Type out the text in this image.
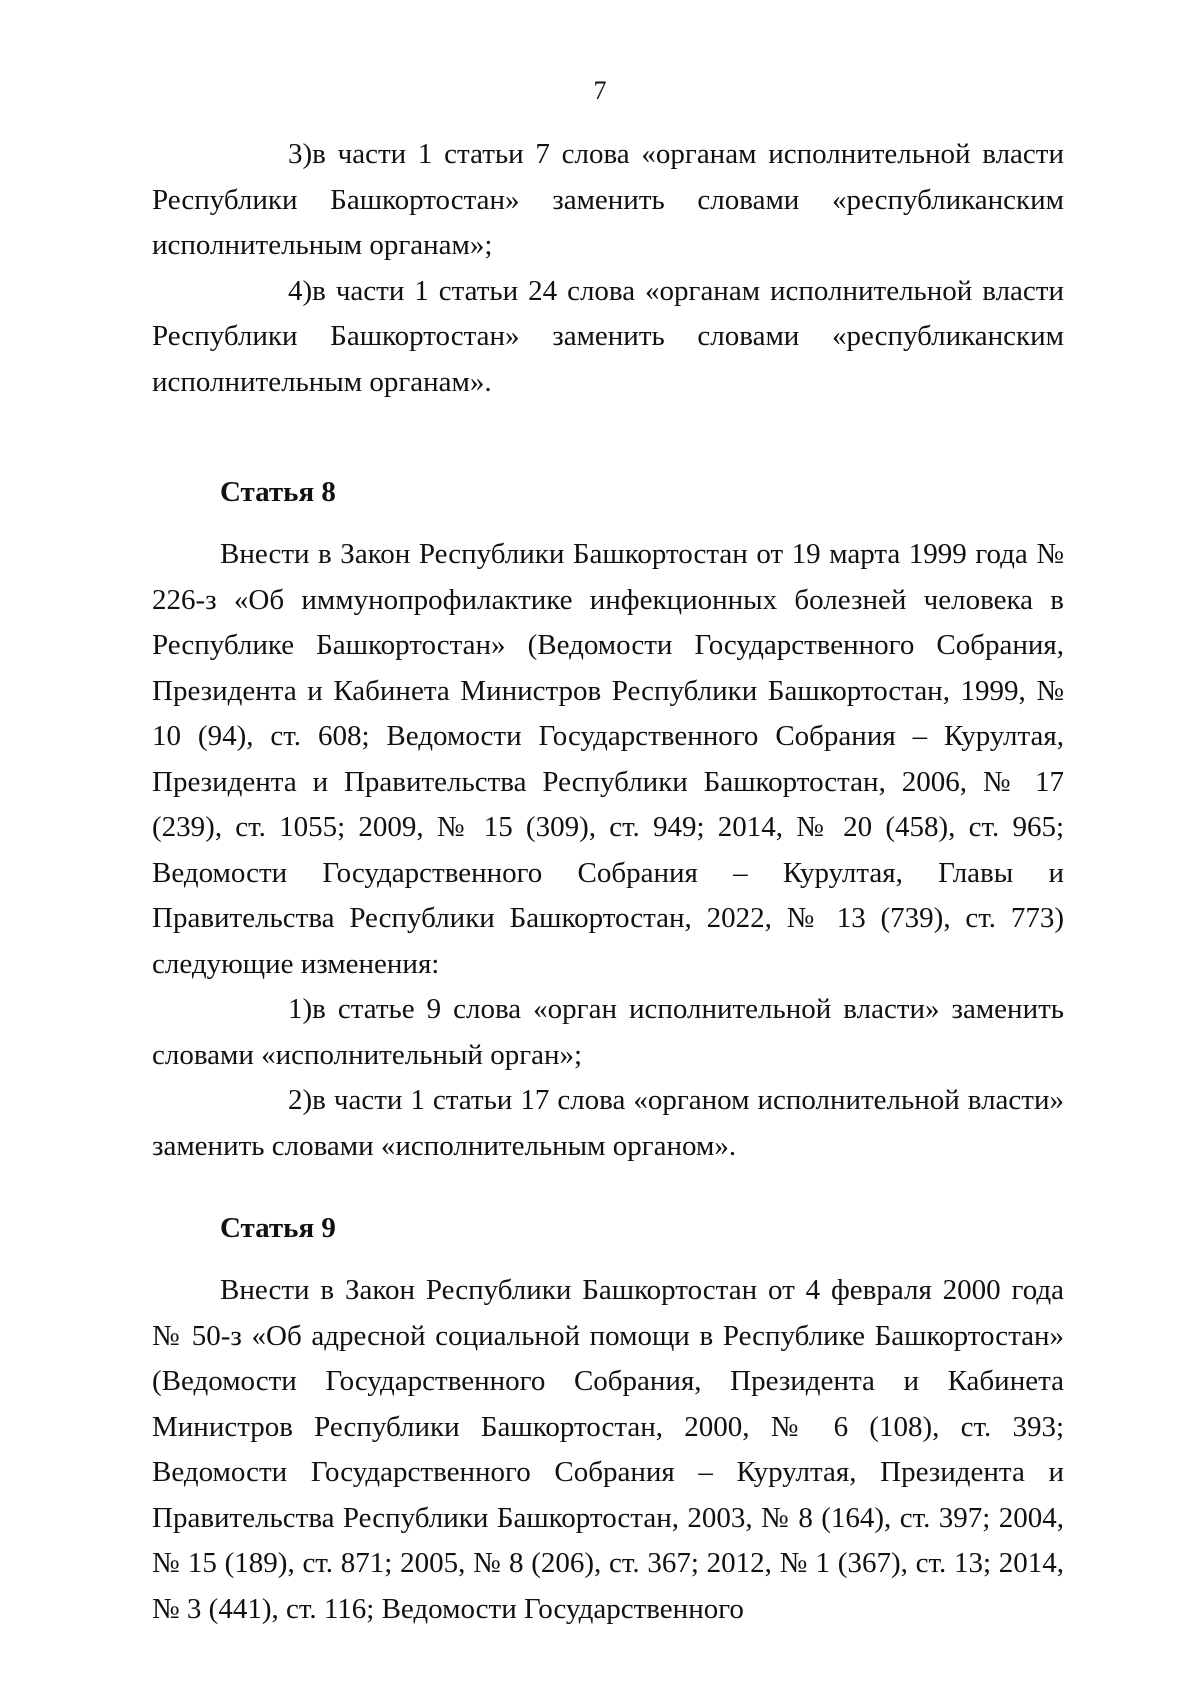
7

3)в части 1 статьи 7 слова «органам исполнительной власти Республики Башкортостан» заменить словами «республиканским исполнительным органам»;

4)в части 1 статьи 24 слова «органам исполнительной власти Республики Башкортостан» заменить словами «республиканским исполнительным органам».

Статья 8

Внести в Закон Республики Башкортостан от 19 марта 1999 года № 226-з «Об иммунопрофилактике инфекционных болезней человека в Республике Башкортостан» (Ведомости Государственного Собрания, Президента и Кабинета Министров Республики Башкортостан, 1999, № 10 (94), ст. 608; Ведомости Государственного Собрания – Курултая, Президента и Правительства Республики Башкортостан, 2006, № 17 (239), ст. 1055; 2009, № 15 (309), ст. 949; 2014, № 20 (458), ст. 965; Ведомости Государственного Собрания – Курултая, Главы и Правительства Республики Башкортостан, 2022, № 13 (739), ст. 773) следующие изменения:

1)в статье 9 слова «орган исполнительной власти» заменить словами «исполнительный орган»;

2)в части 1 статьи 17 слова «органом исполнительной власти» заменить словами «исполнительным органом».

Статья 9

Внести в Закон Республики Башкортостан от 4 февраля 2000 года № 50-з «Об адресной социальной помощи в Республике Башкортостан» (Ведомости Государственного Собрания, Президента и Кабинета Министров Республики Башкортостан, 2000, № 6 (108), ст. 393; Ведомости Государственного Собрания – Курултая, Президента и Правительства Республики Башкортостан, 2003, № 8 (164), ст. 397; 2004, № 15 (189), ст. 871; 2005, № 8 (206), ст. 367; 2012, № 1 (367), ст. 13; 2014, № 3 (441), ст. 116; Ведомости Государственного
